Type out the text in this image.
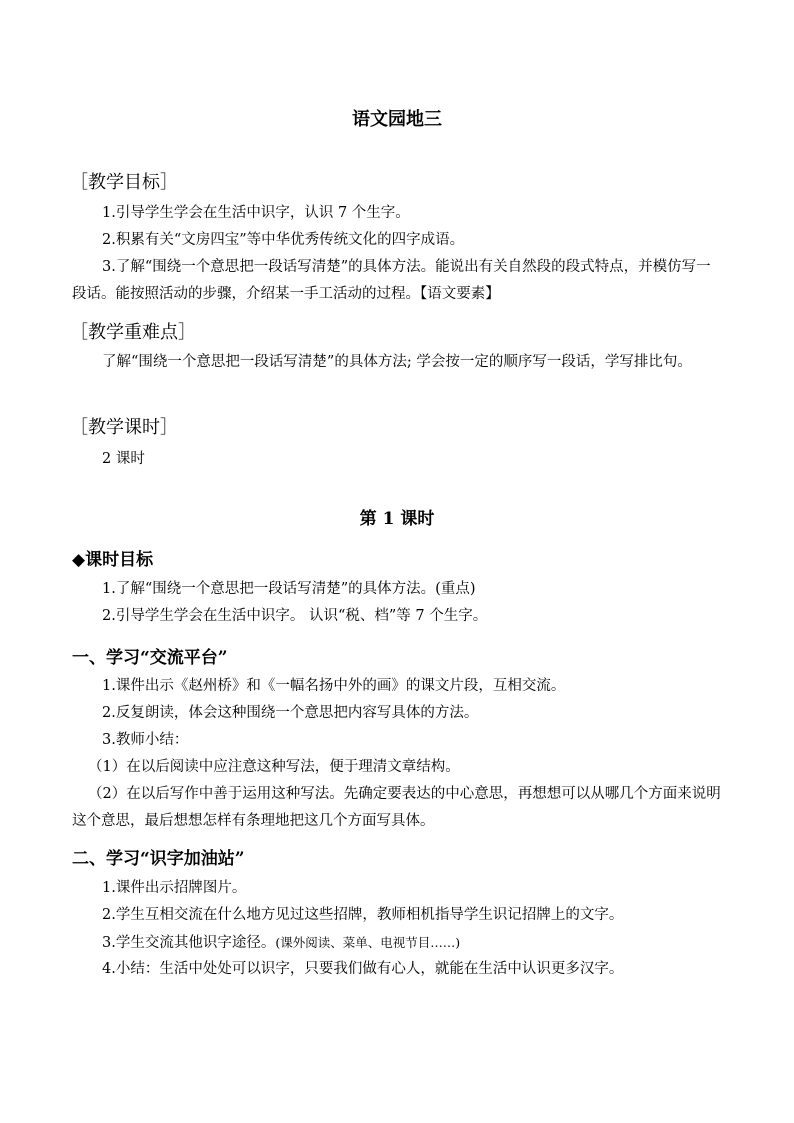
语文园地三
［教学目标］
1.引导学生学会在生活中识字，认识 7 个生字。
2.积累有关“文房四宝”等中华优秀传统文化的四字成语。
3.了解“围绕一个意思把一段话写清楚”的具体方法。能说出有关自然段的段式特点，并模仿写一段话。能按照活动的步骤，介绍某一手工活动的过程。【语文要素】
［教学重难点］
了解“围绕一个意思把一段话写清楚”的具体方法; 学会按一定的顺序写一段话，学写排比句。
［教学课时］
2 课时
第 1 课时
◆课时目标
1.了解“围绕一个意思把一段话写清楚”的具体方法。(重点)
2.引导学生学会在生活中识字。 认识“税、档”等 7 个生字。
一、学习“交流平台”
1.课件出示《赵州桥》和《一幅名扬中外的画》的课文片段，互相交流。
2.反复朗读，体会这种围绕一个意思把内容写具体的方法。
3.教师小结：
（1）在以后阅读中应注意这种写法，便于理清文章结构。
（2）在以后写作中善于运用这种写法。先确定要表达的中心意思，再想想可以从哪几个方面来说明这个意思，最后想想怎样有条理地把这几个方面写具体。
二、学习“识字加油站”
1.课件出示招牌图片。
2.学生互相交流在什么地方见过这些招牌，教师相机指导学生识记招牌上的文字。
3.学生交流其他识字途径。(课外阅读、菜单、电视节目……)
4.小结：生活中处处可以识字，只要我们做有心人，就能在生活中认识更多汉字。
